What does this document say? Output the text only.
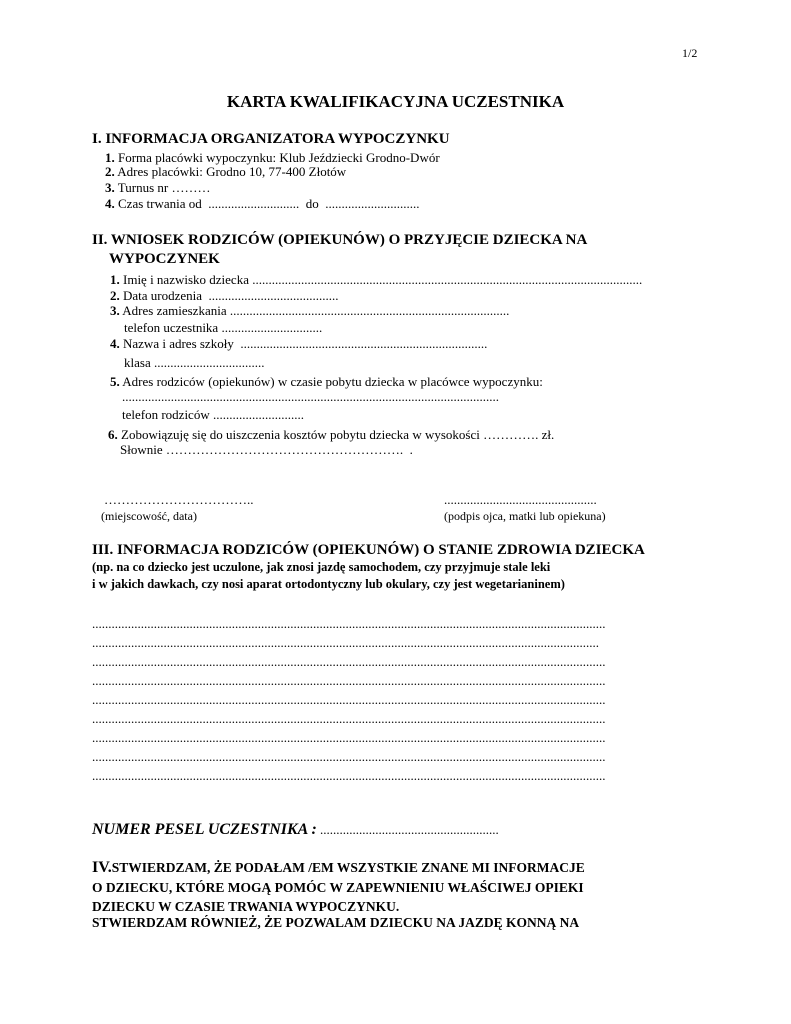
1/2
KARTA KWALIFIKACYJNA UCZESTNIKA
I. INFORMACJA ORGANIZATORA WYPOCZYNKU
1. Forma placówki wypoczynku: Klub Jeździecki Grodno-Dwór
2. Adres placówki: Grodno 10, 77-400 Złotów
3. Turnus nr ………
4. Czas trwania od  ............................  do  .............................
II. WNIOSEK RODZICÓW (OPIEKUNÓW) O PRZYJĘCIE DZIECKA NA
WYPOCZYNEK
1. Imię i nazwisko dziecka ........................................................................................................................
2. Data urodzenia  ........................................
3. Adres zamieszkania ......................................................................................
telefon uczestnika ...............................
4. Nazwa i adres szkoły  ............................................................................
klasa ..................................
5. Adres rodziców (opiekunów) w czasie pobytu dziecka w placówce wypoczynku:
....................................................................................................................
telefon rodziców ............................
6. Zobowiązuję się do uiszczenia kosztów pobytu dziecka w wysokości …………. zł.
Słownie ……………………………………………….  .
……………………………..
(miejscowość, data)
...............................................
(podpis ojca, matki lub opiekuna)
III. INFORMACJA RODZICÓW (OPIEKUNÓW) O STANIE ZDROWIA DZIECKA
(np. na co dziecko jest uczulone, jak znosi jazdę samochodem, czy przyjmuje stale leki
i w jakich dawkach, czy nosi aparat ortodontyczny lub okulary, czy jest wegetarianinem)
..............................................................................................................................................................
............................................................................................................................................................
..............................................................................................................................................................
..............................................................................................................................................................
..............................................................................................................................................................
..............................................................................................................................................................
..............................................................................................................................................................
..............................................................................................................................................................
..............................................................................................................................................................
NUMER PESEL UCZESTNIKA : .......................................................
IV.STWIERDZAM, ŻE PODAŁAM /EM WSZYSTKIE ZNANE MI INFORMACJE
O DZIECKU, KTÓRE MOGĄ POMÓC W ZAPEWNIENIU WŁAŚCIWEJ OPIEKI
DZIECKU W CZASIE TRWANIA WYPOCZYNKU.
STWIERDZAM RÓWNIEŻ, ŻE POZWALAM DZIECKU NA JAZDĘ KONNĄ NA
